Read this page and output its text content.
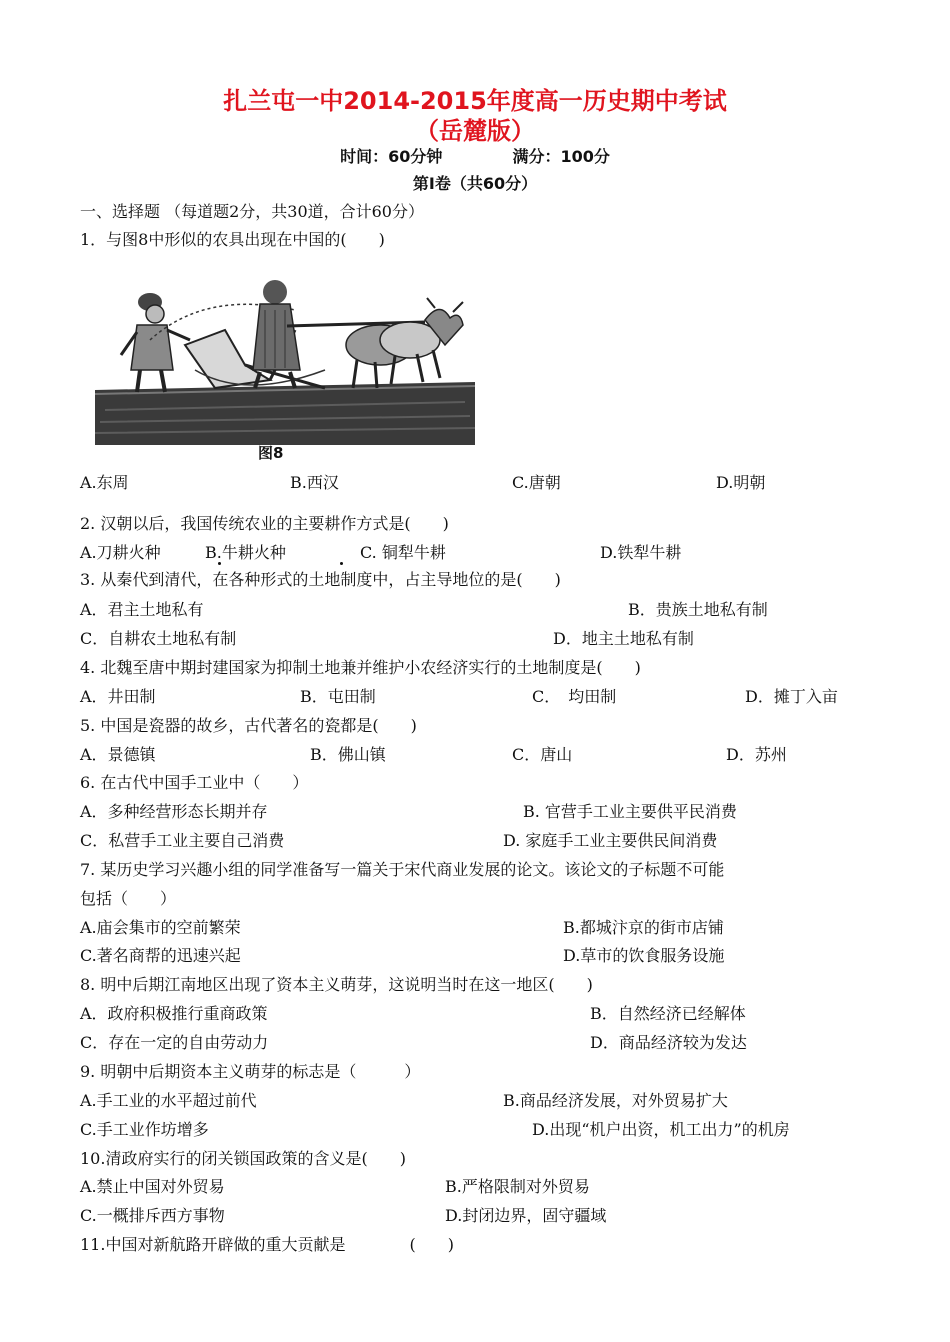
扎兰屯一中2014-2015年度高一历史期中考试
（岳麓版）
时间：60分钟	满分：100分
第Ⅰ卷（共60分）
一、选择题 （每道题2分，共30道，合计60分）
1．与图8中形似的农具出现在中国的(　　)
图8
A.东周	B.西汉	C.唐朝	D.明朝
2. 汉朝以后，我国传统农业的主要耕作方式是(　　)
A.刀耕火种	B.牛耕火种	C. 铜犁牛耕	D.铁犁牛耕
3. 从秦代到清代，在各种形式的土地制度中，占主导地位的是(　　)
A．君主土地私有	B．贵族土地私有制
C．自耕农土地私有制	D．地主土地私有制
4. 北魏至唐中期封建国家为抑制土地兼并维护小农经济实行的土地制度是(　　)
A．井田制	B．屯田制	C．　均田制	D．摊丁入亩
5. 中国是瓷器的故乡，古代著名的瓷都是(　　)
A．景德镇	B．佛山镇	C．唐山	D．苏州
6. 在古代中国手工业中（　　）
A．多种经营形态长期并存	B. 官营手工业主要供平民消费
C．私营手工业主要自己消费	D. 家庭手工业主要供民间消费
7. 某历史学习兴趣小组的同学准备写一篇关于宋代商业发展的论文。该论文的子标题不可能
包括（　　）
A.庙会集市的空前繁荣	B.都城汴京的街市店铺
C.著名商帮的迅速兴起	D.草市的饮食服务设施
8. 明中后期江南地区出现了资本主义萌芽，这说明当时在这一地区(　　)
A．政府积极推行重商政策	B．自然经济已经解体
C．存在一定的自由劳动力	D．商品经济较为发达
9. 明朝中后期资本主义萌芽的标志是（　　　）
A.手工业的水平超过前代	B.商品经济发展，对外贸易扩大
C.手工业作坊增多	D.出现“机户出资，机工出力”的机房
10.清政府实行的闭关锁国政策的含义是(　　)
A.禁止中国对外贸易	B.严格限制对外贸易
C.一概排斥西方事物	D.封闭边界，固守疆域
11.中国对新航路开辟做的重大贡献是　　　　(　　)
